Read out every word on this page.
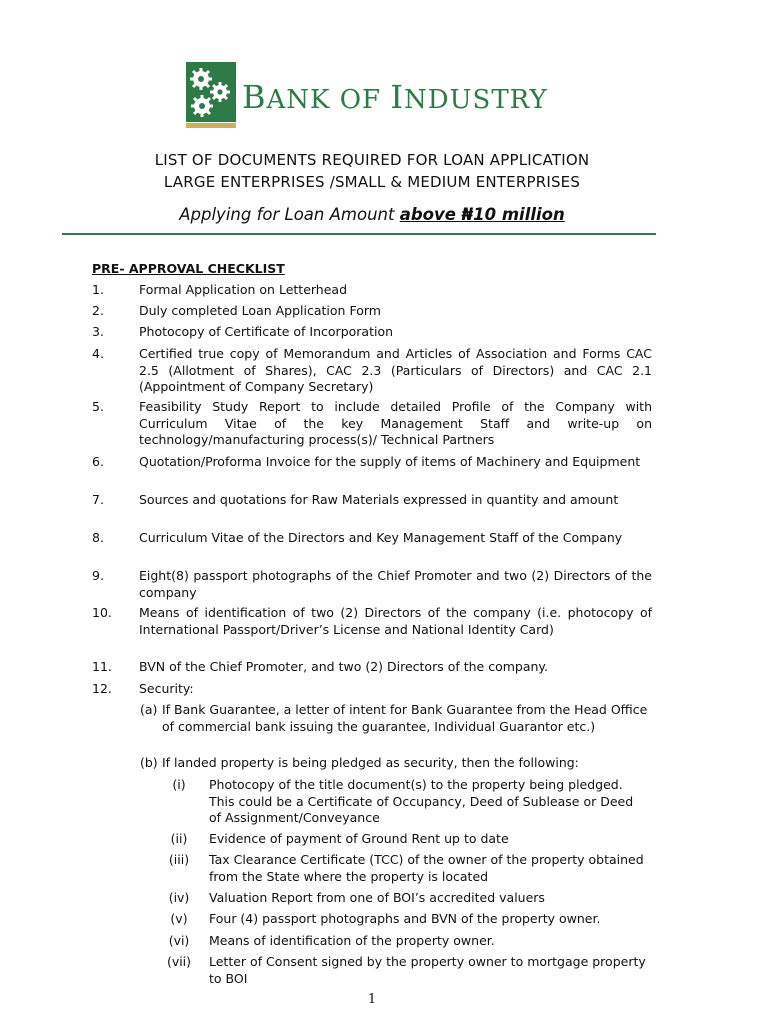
BANK OF INDUSTRY
LIST OF DOCUMENTS REQUIRED FOR LOAN APPLICATION
LARGE ENTERPRISES /SMALL & MEDIUM ENTERPRISES
Applying for Loan Amount above ₦10 million
PRE- APPROVAL CHECKLIST
1.	Formal Application on Letterhead
2.	Duly completed Loan Application Form
3.	Photocopy of Certificate of Incorporation
4.	Certified true copy of Memorandum and Articles of Association and Forms CAC 2.5 (Allotment of Shares), CAC 2.3 (Particulars of Directors) and CAC 2.1 (Appointment of Company Secretary)
5.	Feasibility Study Report to include detailed Profile of the Company with Curriculum Vitae of the key Management Staff and write-up on technology/manufacturing process(s)/ Technical Partners
6.	Quotation/Proforma Invoice for the supply of items of Machinery and Equipment
7.	Sources and quotations for Raw Materials expressed in quantity and amount
8.	Curriculum Vitae of the Directors and Key Management Staff of the Company
9.	Eight(8) passport photographs of the Chief Promoter and two (2) Directors of the company
10. Means of identification of two (2) Directors of the company (i.e. photocopy of International Passport/Driver’s License and National Identity Card)
11. BVN of the Chief Promoter, and two (2) Directors of the company.
12. Security:
(a) If Bank Guarantee, a letter of intent for Bank Guarantee from the Head Office of commercial bank issuing the guarantee, Individual Guarantor etc.)
(b) If landed property is being pledged as security, then the following:
(i)	Photocopy of the title document(s) to the property being pledged. This could be a Certificate of Occupancy, Deed of Sublease or Deed of Assignment/Conveyance
(ii)	Evidence of payment of Ground Rent up to date
(iii)	Tax Clearance Certificate (TCC) of the owner of the property obtained from the State where the property is located
(iv)	Valuation Report from one of BOI’s accredited valuers
(v)	Four (4) passport photographs and BVN of the property owner.
(vi)	Means of identification of the property owner.
(vii)	Letter of Consent signed by the property owner to mortgage property to BOI
1
